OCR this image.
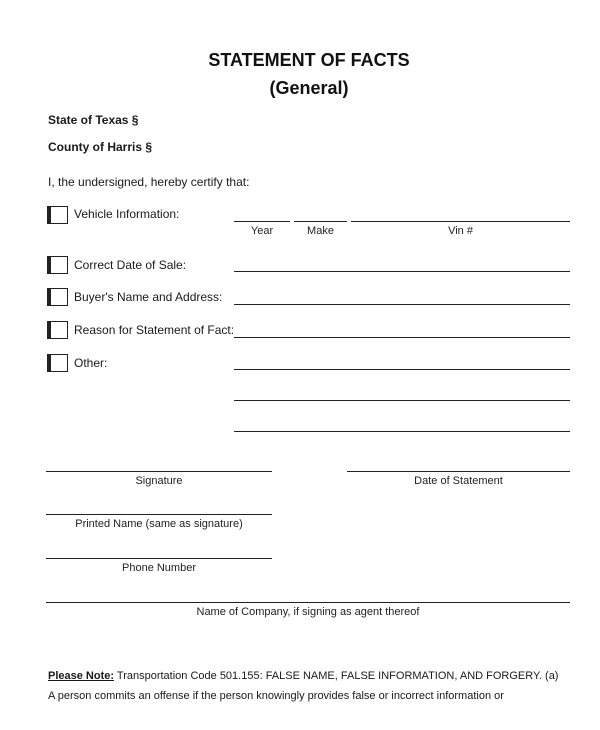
STATEMENT OF FACTS
(General)
State of Texas §
County of Harris §
I, the undersigned, hereby certify that:
Vehicle Information:
Year	Make	Vin #
Correct Date of Sale:
Buyer's Name and Address:
Reason for Statement of Fact:
Other:
Signature	Date of Statement
Printed Name (same as signature)
Phone Number
Name of Company, if signing as agent thereof
Please Note: Transportation Code 501.155: FALSE NAME, FALSE INFORMATION, AND FORGERY. (a)
A person commits an offense if the person knowingly provides false or incorrect information or
